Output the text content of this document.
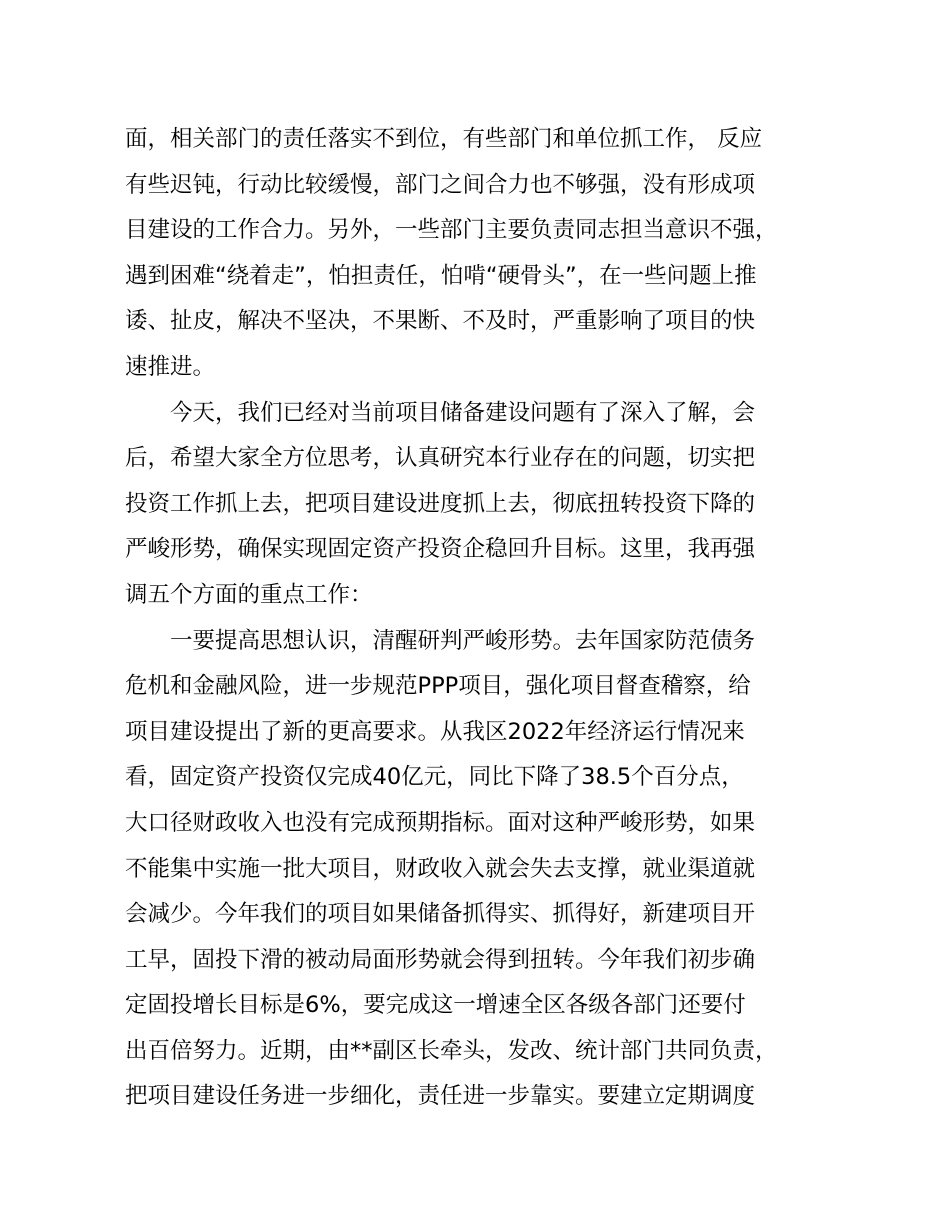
面，相关部门的责任落实不到位，有些部门和单位抓工作， 反应
有些迟钝，行动比较缓慢，部门之间合力也不够强，没有形成项
目建设的工作合力。另外，一些部门主要负责同志担当意识不强，
遇到困难“绕着走”，怕担责任，怕啃“硬骨头”，在一些问题上推
诿、扯皮，解决不坚决，不果断、不及时，严重影响了项目的快
速推进。
　　今天，我们已经对当前项目储备建设问题有了深入了解，会
后，希望大家全方位思考，认真研究本行业存在的问题，切实把
投资工作抓上去，把项目建设进度抓上去，彻底扭转投资下降的
严峻形势，确保实现固定资产投资企稳回升目标。这里，我再强
调五个方面的重点工作：
　　一要提高思想认识，清醒研判严峻形势。去年国家防范债务
危机和金融风险，进一步规范PPP项目，强化项目督查稽察，给
项目建设提出了新的更高要求。从我区2022年经济运行情况来
看，固定资产投资仅完成40亿元，同比下降了38.5个百分点，
大口径财政收入也没有完成预期指标。面对这种严峻形势，如果
不能集中实施一批大项目，财政收入就会失去支撑，就业渠道就
会减少。今年我们的项目如果储备抓得实、抓得好，新建项目开
工早，固投下滑的被动局面形势就会得到扭转。今年我们初步确
定固投增长目标是6%，要完成这一增速全区各级各部门还要付
出百倍努力。近期，由**副区长牵头，发改、统计部门共同负责，
把项目建设任务进一步细化，责任进一步靠实。要建立定期调度
